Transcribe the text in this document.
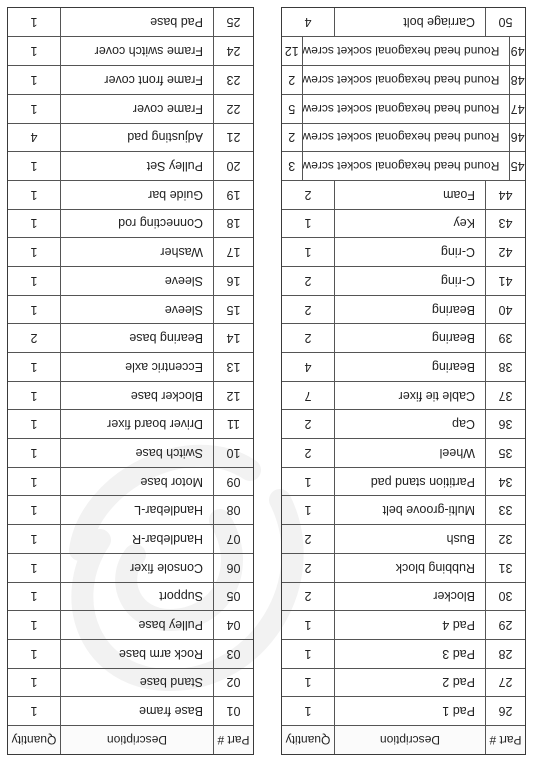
Part #
Description
Quantity
01
Base frame
1
02
Stand base
1
03
Rock arm base
1
04
Pulley base
1
05
Support
1
06
Console fixer
1
07
Handlebar-R
1
08
Handlebar-L
1
09
Motor base
1
10
Switch base
1
11
Driver board fixer
1
12
Blocker base
1
13
Eccentric axle
1
14
Bearing base
2
15
Sleeve
1
16
Sleeve
1
17
Washer
1
18
Connecting rod
1
19
Guide bar
1
20
Pulley Set
1
21
Adjusting pad
4
22
Frame cover
1
23
Frame front cover
1
24
Frame switch cover
1
25
Pad base
1
Part #
Description
Quantity
26
Pad 1
1
27
Pad 2
1
28
Pad 3
1
29
Pad 4
1
30
Blocker
2
31
Rubbing block
2
32
Bush
2
33
Multi-groove belt
1
34
Partition stand pad
1
35
Wheel
2
36
Cap
2
37
Cable tie fixer
7
38
Bearing
4
39
Bearing
2
40
Bearing
2
41
C-ring
2
42
C-ring
1
43
Key
1
44
Foam
2
45
Round head hexagonal socket screw
3
46
Round head hexagonal socket screw
2
47
Round head hexagonal socket screw
5
48
Round head hexagonal socket screw
2
49
Round head hexagonal socket screw
12
50
Carriage bolt
4
